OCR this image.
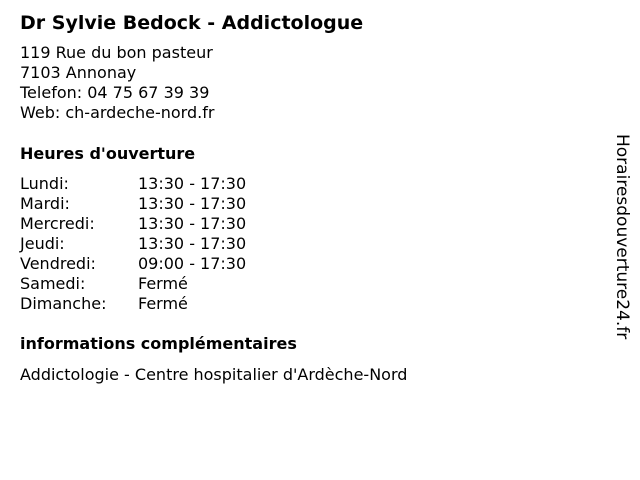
Dr Sylvie Bedock - Addictologue
119 Rue du bon pasteur
7103 Annonay
Telefon: 04 75 67 39 39
Web: ch-ardeche-nord.fr
Heures d'ouverture
Lundi:	13:30 - 17:30
Mardi:	13:30 - 17:30
Mercredi:	13:30 - 17:30
Jeudi:	13:30 - 17:30
Vendredi:	09:00 - 17:30
Samedi:	Fermé
Dimanche:	Fermé
informations complémentaires
Addictologie - Centre hospitalier d'Ardèche-Nord
Horairesdouverture24.fr
